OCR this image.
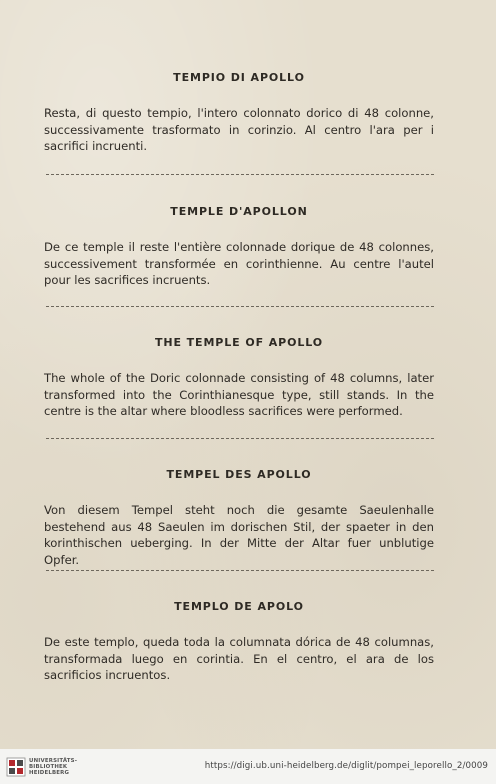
TEMPIO DI APOLLO

Resta, di questo tempio, l'intero colonnato dorico di 48 colonne, successivamente trasformato in corinzio. Al centro l'ara per i sacrifici incruenti.

TEMPLE D'APOLLON

De ce temple il reste l'entière colonnade dorique de 48 colonnes, successivement transformée en corinthienne. Au centre l'autel pour les sacrifices incruents.

THE TEMPLE OF APOLLO

The whole of the Doric colonnade consisting of 48 columns, later transformed into the Corinthianesque type, still stands. In the centre is the altar where bloodless sacrifices were performed.

TEMPEL DES APOLLO

Von diesem Tempel steht noch die gesamte Saeulenhalle bestehend aus 48 Saeulen im dorischen Stil, der spaeter in den korinthischen ueberging. In der Mitte der Altar fuer unblutige Opfer.

TEMPLO DE APOLO

De este templo, queda toda la columnata dórica de 48 columnas, transformada luego en corintia. En el centro, el ara de los sacrificios incruentos.

UNIVERSITÄTS-
BIBLIOTHEK
HEIDELBERG
https://digi.ub.uni-heidelberg.de/diglit/pompei_leporello_2/0009
